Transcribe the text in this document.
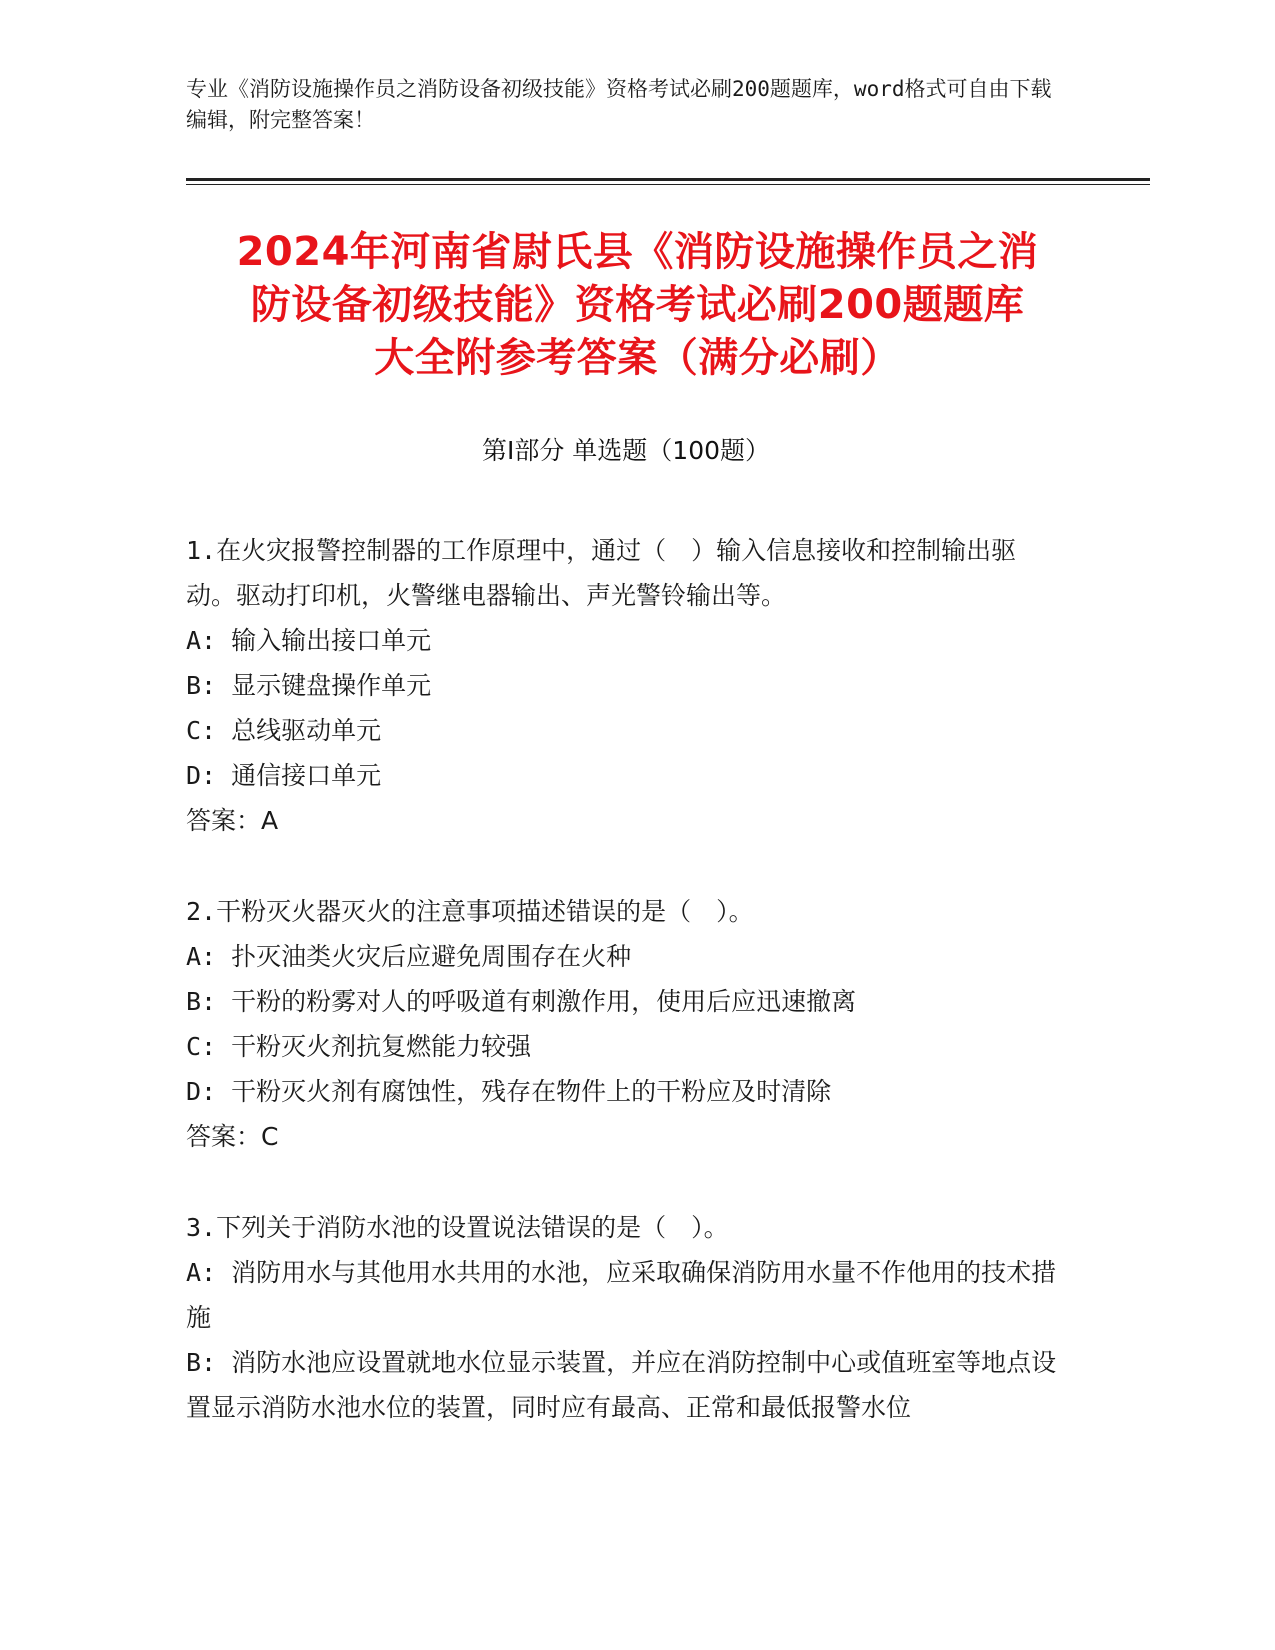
专业《消防设施操作员之消防设备初级技能》资格考试必刷200题题库，word格式可自由下载编辑，附完整答案！
2024年河南省尉氏县《消防设施操作员之消
防设备初级技能》资格考试必刷200题题库
大全附参考答案（满分必刷）
第Ⅰ部分 单选题（100题）

1.在火灾报警控制器的工作原理中，通过（　）输入信息接收和控制输出驱动。驱动打印机，火警继电器输出、声光警铃输出等。

A: 输入输出接口单元

B: 显示键盘操作单元

C: 总线驱动单元

D: 通信接口单元

答案：A

2.干粉灭火器灭火的注意事项描述错误的是（　）。

A: 扑灭油类火灾后应避免周围存在火种

B: 干粉的粉雾对人的呼吸道有刺激作用，使用后应迅速撤离

C: 干粉灭火剂抗复燃能力较强

D: 干粉灭火剂有腐蚀性，残存在物件上的干粉应及时清除

答案：C

3.下列关于消防水池的设置说法错误的是（　）。

A: 消防用水与其他用水共用的水池，应采取确保消防用水量不作他用的技术措施

B: 消防水池应设置就地水位显示装置，并应在消防控制中心或值班室等地点设置显示消防水池水位的装置，同时应有最高、正常和最低报警水位
